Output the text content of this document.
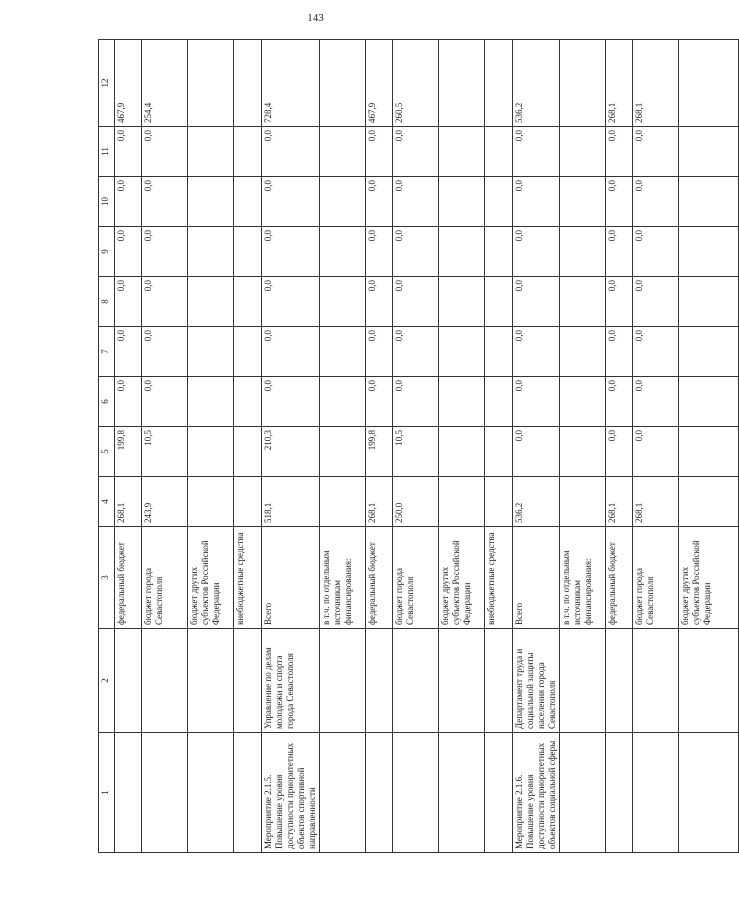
143
1	2	3	4	5	6	7	8	9	10	11	12
		федеральный бюджет	268,1	199,8	0,0	0,0	0,0	0,0	0,0	0,0	467,9
		бюджет города Севастополя	243,9	10,5	0,0	0,0	0,0	0,0	0,0	0,0	254,4
		бюджет других субъектов Российской Федерации									
		внебюджетные средства									
Мероприятие 2.1.5. Повышение уровня доступности приоритетных объектов спортивной направленности	Управление по делам молодежи и спорта города Севастополя	Всего	518,1	210,3	0,0	0,0	0,0	0,0	0,0	0,0	728,4
		в т.ч. по отдельным источникам финансирования:									
		федеральный бюджет	268,1	199,8	0,0	0,0	0,0	0,0	0,0	0,0	467,9
		бюджет города Севастополя	250,0	10,5	0,0	0,0	0,0	0,0	0,0	0,0	260,5
		бюджет других субъектов Российской Федерации									
		внебюджетные средства									
Мероприятие 2.1.6. Повышение уровня доступности приоритетных объектов социальной сферы	Департамент труда и социальной защиты населения города Севастополя	Всего	536,2	0,0	0,0	0,0	0,0	0,0	0,0	0,0	536,2
		в т.ч. по отдельным источникам финансирования:									
		федеральный бюджет	268,1	0,0	0,0	0,0	0,0	0,0	0,0	0,0	268,1
		бюджет города Севастополя	268,1	0,0	0,0	0,0	0,0	0,0	0,0	0,0	268,1
		бюджет других субъектов Российской Федерации									
